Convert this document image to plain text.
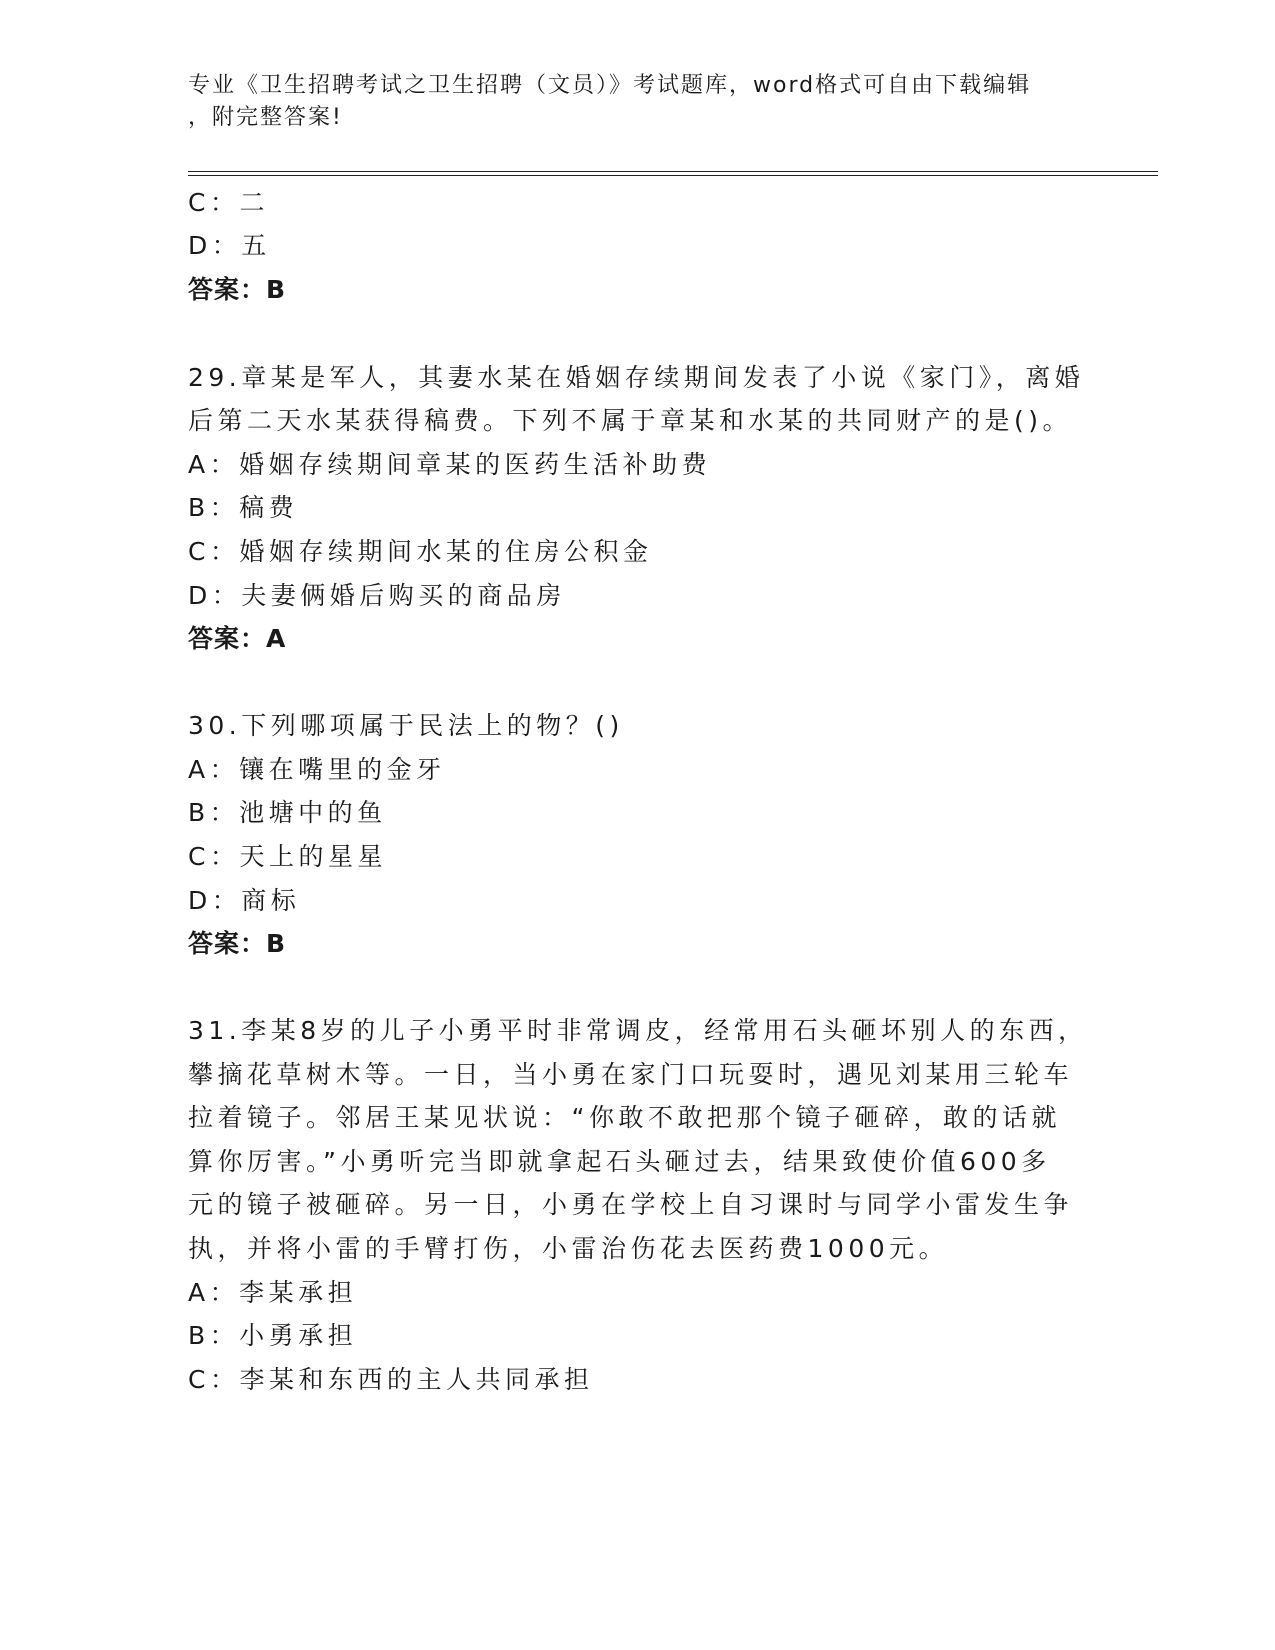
专业《卫生招聘考试之卫生招聘（文员）》考试题库，word格式可自由下载编辑
，附完整答案!
C：二
D：五
答案：B
29.章某是军人，其妻水某在婚姻存续期间发表了小说《家门》，离婚
后第二天水某获得稿费。下列不属于章某和水某的共同财产的是()。
A：婚姻存续期间章某的医药生活补助费
B：稿费
C：婚姻存续期间水某的住房公积金
D：夫妻俩婚后购买的商品房
答案：A
30.下列哪项属于民法上的物？()
A：镶在嘴里的金牙
B：池塘中的鱼
C：天上的星星
D：商标
答案：B
31.李某8岁的儿子小勇平时非常调皮，经常用石头砸坏别人的东西，
攀摘花草树木等。一日，当小勇在家门口玩耍时，遇见刘某用三轮车
拉着镜子。邻居王某见状说：“你敢不敢把那个镜子砸碎，敢的话就
算你厉害。”小勇听完当即就拿起石头砸过去，结果致使价值600多
元的镜子被砸碎。另一日，小勇在学校上自习课时与同学小雷发生争
执，并将小雷的手臂打伤，小雷治伤花去医药费1000元。
A：李某承担
B：小勇承担
C：李某和东西的主人共同承担
